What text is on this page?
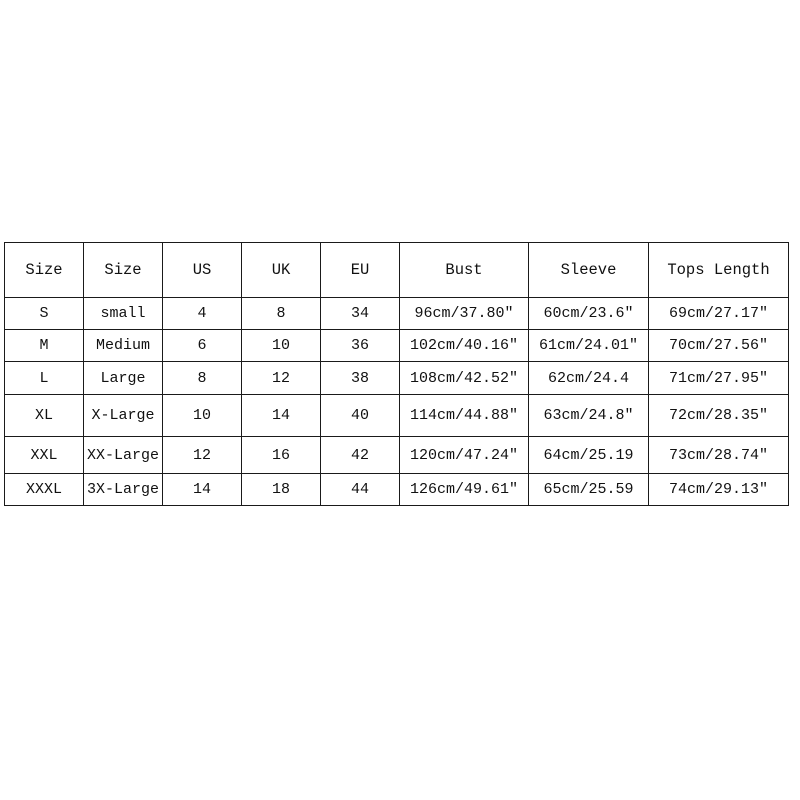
Size	Size	US	UK	EU	Bust	Sleeve	Tops Length
S	small	4	8	34	96cm/37.80″	60cm/23.6″	69cm/27.17″
M	Medium	6	10	36	102cm/40.16″	61cm/24.01″	70cm/27.56″
L	Large	8	12	38	108cm/42.52″	62cm/24.4	71cm/27.95″
XL	X-Large	10	14	40	114cm/44.88″	63cm/24.8″	72cm/28.35″
XXL	XX-Large	12	16	42	120cm/47.24″	64cm/25.19	73cm/28.74″
XXXL	3X-Large	14	18	44	126cm/49.61″	65cm/25.59	74cm/29.13″
